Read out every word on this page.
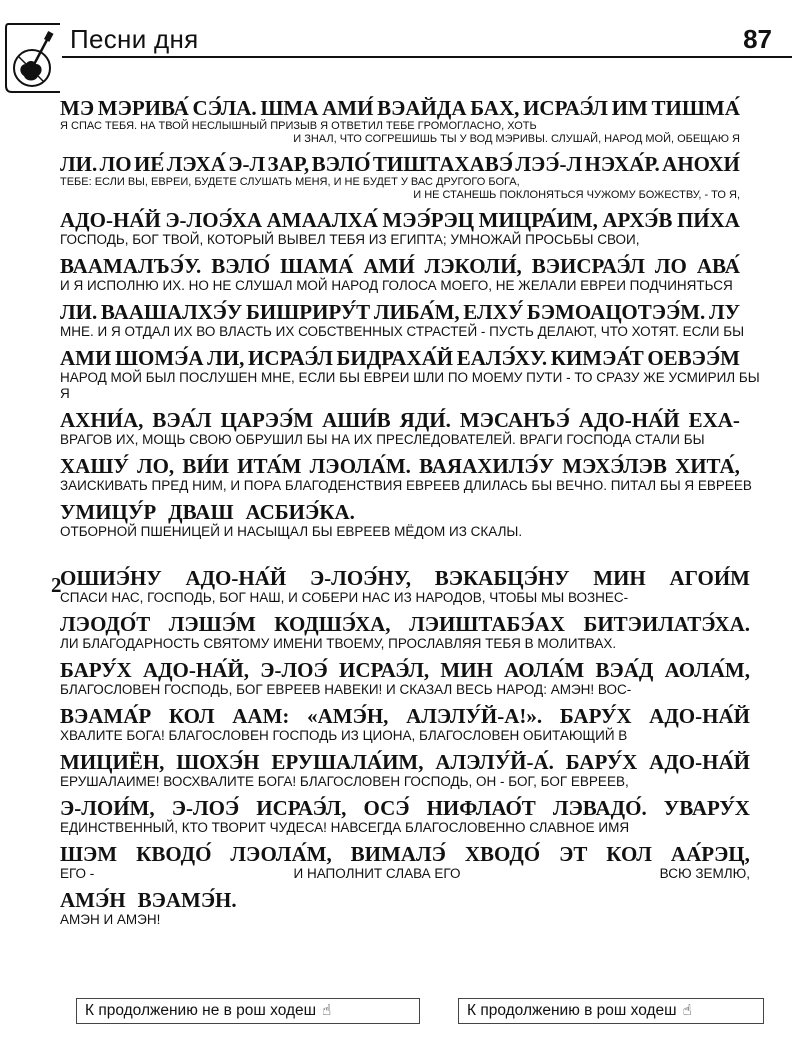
Песни дня	87
МЭ МЭРИВА́ СЭ́ЛА. ШМА АМИ́ ВЭАЙДА БАХ, ИСРАЭ́Л ИМ ТИШМА́
Я СПАС ТЕБЯ. НА ТВОЙ НЕСЛЫШНЫЙ ПРИЗЫВ Я ОТВЕТИЛ ТЕБЕ ГРОМОГЛАСНО, ХОТЬ
И ЗНАЛ, ЧТО СОГРЕШИШЬ ТЫ У ВОД МЭРИВЫ. СЛУШАЙ, НАРОД МОЙ, ОБЕЩАЮ Я
ЛИ. ЛО ИЕ́ ЛЭХА́ Э-Л ЗАР, ВЭЛО́ ТИШТАХАВЭ́ ЛЭЭ́-Л НЭХА́Р. АНОХИ́
ТЕБЕ: ЕСЛИ ВЫ, ЕВРЕИ, БУДЕТЕ СЛУШАТЬ МЕНЯ, И НЕ БУДЕТ У ВАС ДРУГОГО БОГА,
И НЕ СТАНЕШЬ ПОКЛОНЯТЬСЯ ЧУЖОМУ БОЖЕСТВУ, - ТО Я,
АДО-НА́Й Э-ЛОЭ́ХА АМААЛХА́ МЭЭ́РЭЦ МИЦРА́ИМ, АРХЭ́В ПИ́ХА
ГОСПОДЬ, БОГ ТВОЙ, КОТОРЫЙ ВЫВЕЛ ТЕБЯ ИЗ ЕГИПТА; УМНОЖАЙ ПРОСЬБЫ СВОИ,
ВААМАЛЪЭ́У. ВЭЛО́ ШАМА́ АМИ́ ЛЭКОЛИ́, ВЭИСРАЭ́Л ЛО АВА́
И Я ИСПОЛНЮ ИХ. НО НЕ СЛУШАЛ МОЙ НАРОД ГОЛОСА МОЕГО, НЕ ЖЕЛАЛИ ЕВРЕИ ПОДЧИНЯТЬСЯ
ЛИ. ВААШАЛХЭ́У БИШРИРУ́Т ЛИБА́М, ЕЛХУ́ БЭМОАЦОТЭЭ́М. ЛУ
МНЕ. И Я ОТДАЛ ИХ ВО ВЛАСТЬ ИХ СОБСТВЕННЫХ СТРАСТЕЙ - ПУСТЬ ДЕЛАЮТ, ЧТО ХОТЯТ. ЕСЛИ БЫ
АМИ ШОМЭ́А ЛИ, ИСРАЭ́Л БИДРАХА́Й ЕАЛЭ́ХУ. КИМЭА́Т ОЕВЭЭ́М
НАРОД МОЙ БЫЛ ПОСЛУШЕН МНЕ, ЕСЛИ БЫ ЕВРЕИ ШЛИ ПО МОЕМУ ПУТИ - ТО СРАЗУ ЖЕ УСМИРИЛ БЫ Я
АХНИ́А, ВЭА́Л ЦАРЭЭ́М АШИ́В ЯДИ́. МЭСАНЪЭ́ АДО-НА́Й ЕХА-
ВРАГОВ ИХ, МОЩЬ СВОЮ ОБРУШИЛ БЫ НА ИХ ПРЕСЛЕДОВАТЕЛЕЙ. ВРАГИ ГОСПОДА СТАЛИ БЫ
ХАШУ́ ЛО, ВИ́И ИТА́М ЛЭОЛА́М. ВАЯАХИЛЭ́У МЭХЭ́ЛЭВ ХИТА́,
ЗАИСКИВАТЬ ПРЕД НИМ, И ПОРА БЛАГОДЕНСТВИЯ ЕВРЕЕВ ДЛИЛАСЬ БЫ ВЕЧНО. ПИТАЛ БЫ Я ЕВРЕЕВ
УМИЦУ́Р ДВАШ АСБИЭ́КА.
ОТБОРНОЙ ПШЕНИЦЕЙ И НАСЫЩАЛ БЫ ЕВРЕЕВ МЁДОМ ИЗ СКАЛЫ.
2
ОШИЭ́НУ АДО-НА́Й Э-ЛОЭ́НУ, ВЭКАБЦЭ́НУ МИН АГОИ́М
СПАСИ НАС, ГОСПОДЬ, БОГ НАШ, И СОБЕРИ НАС ИЗ НАРОДОВ, ЧТОБЫ МЫ ВОЗНЕС-
ЛЭОДО́Т ЛЭШЭ́М КОДШЭ́ХА, ЛЭИШТАБЭ́АХ БИТЭИЛАТЭ́ХА.
ЛИ БЛАГОДАРНОСТЬ СВЯТОМУ ИМЕНИ ТВОЕМУ, ПРОСЛАВЛЯЯ ТЕБЯ В МОЛИТВАХ.
БАРУ́Х АДО-НА́Й, Э-ЛОЭ́ ИСРАЭ́Л, МИН АОЛА́М ВЭА́Д АОЛА́М,
БЛАГОСЛОВЕН ГОСПОДЬ, БОГ ЕВРЕЕВ НАВЕКИ! И СКАЗАЛ ВЕСЬ НАРОД: АМЭН! ВОС-
ВЭАМА́Р КОЛ ААМ: «АМЭ́Н, АЛЭЛУ́Й-А!». БАРУ́Х АДО-НА́Й
ХВАЛИТЕ БОГА! БЛАГОСЛОВЕН ГОСПОДЬ ИЗ ЦИОНА, БЛАГОСЛОВЕН ОБИТАЮЩИЙ В
МИЦИЁН, ШОХЭ́Н ЕРУШАЛА́ИМ, АЛЭЛУ́Й-А́. БАРУ́Х АДО-НА́Й
ЕРУШАЛАИМЕ! ВОСХВАЛИТЕ БОГА! БЛАГОСЛОВЕН ГОСПОДЬ, ОН - БОГ, БОГ ЕВРЕЕВ,
Э-ЛОИ́М, Э-ЛОЭ́ ИСРАЭ́Л, ОСЭ́ НИФЛАО́Т ЛЭВАДО́. УВАРУ́Х
ЕДИНСТВЕННЫЙ, КТО ТВОРИТ ЧУДЕСА! НАВСЕГДА БЛАГОСЛОВЕННО СЛАВНОЕ ИМЯ
ШЭМ КВОДО́ ЛЭОЛА́М, ВИМАЛЭ́ ХВОДО́ ЭТ КОЛ АА́РЭЦ,
ЕГО -	И НАПОЛНИТ СЛАВА ЕГО	ВСЮ ЗЕМЛЮ,
АМЭ́Н ВЭАМЭ́Н.
АМЭН И АМЭН!
К продолжению не в рош ходеш ☝	К продолжению в рош ходеш ☝
